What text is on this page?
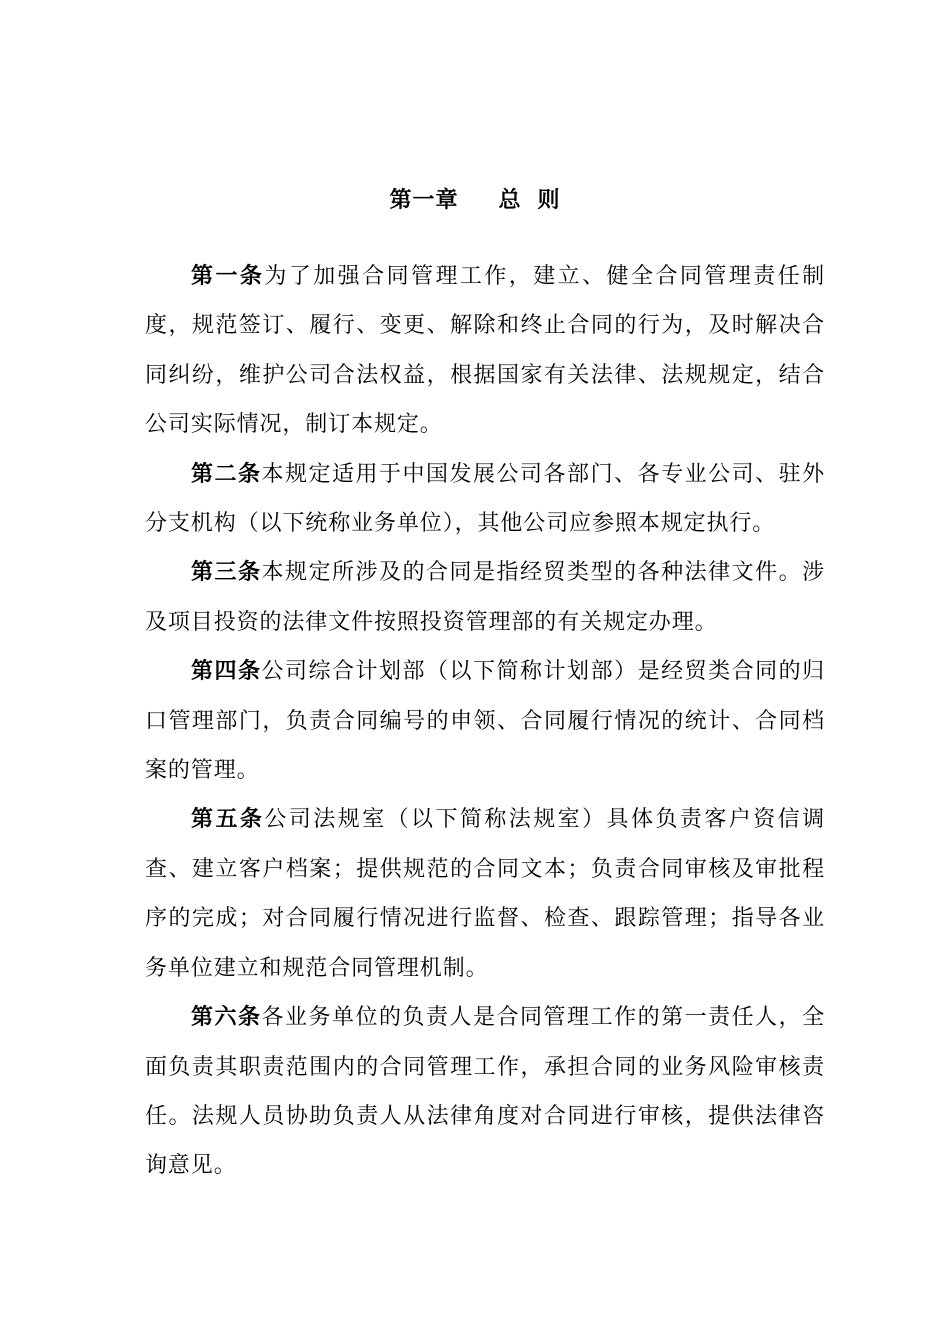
第一章 总 则

第一条为了加强合同管理工作，建立、健全合同管理责任制度，规范签订、履行、变更、解除和终止合同的行为，及时解决合同纠纷，维护公司合法权益，根据国家有关法律、法规规定，结合公司实际情况，制订本规定。

第二条本规定适用于中国发展公司各部门、各专业公司、驻外分支机构（以下统称业务单位），其他公司应参照本规定执行。

第三条本规定所涉及的合同是指经贸类型的各种法律文件。涉及项目投资的法律文件按照投资管理部的有关规定办理。

第四条公司综合计划部（以下简称计划部）是经贸类合同的归口管理部门，负责合同编号的申领、合同履行情况的统计、合同档案的管理。

第五条公司法规室（以下简称法规室）具体负责客户资信调查、建立客户档案；提供规范的合同文本；负责合同审核及审批程序的完成；对合同履行情况进行监督、检查、跟踪管理；指导各业务单位建立和规范合同管理机制。

第六条各业务单位的负责人是合同管理工作的第一责任人，全面负责其职责范围内的合同管理工作，承担合同的业务风险审核责任。法规人员协助负责人从法律角度对合同进行审核，提供法律咨询意见。
